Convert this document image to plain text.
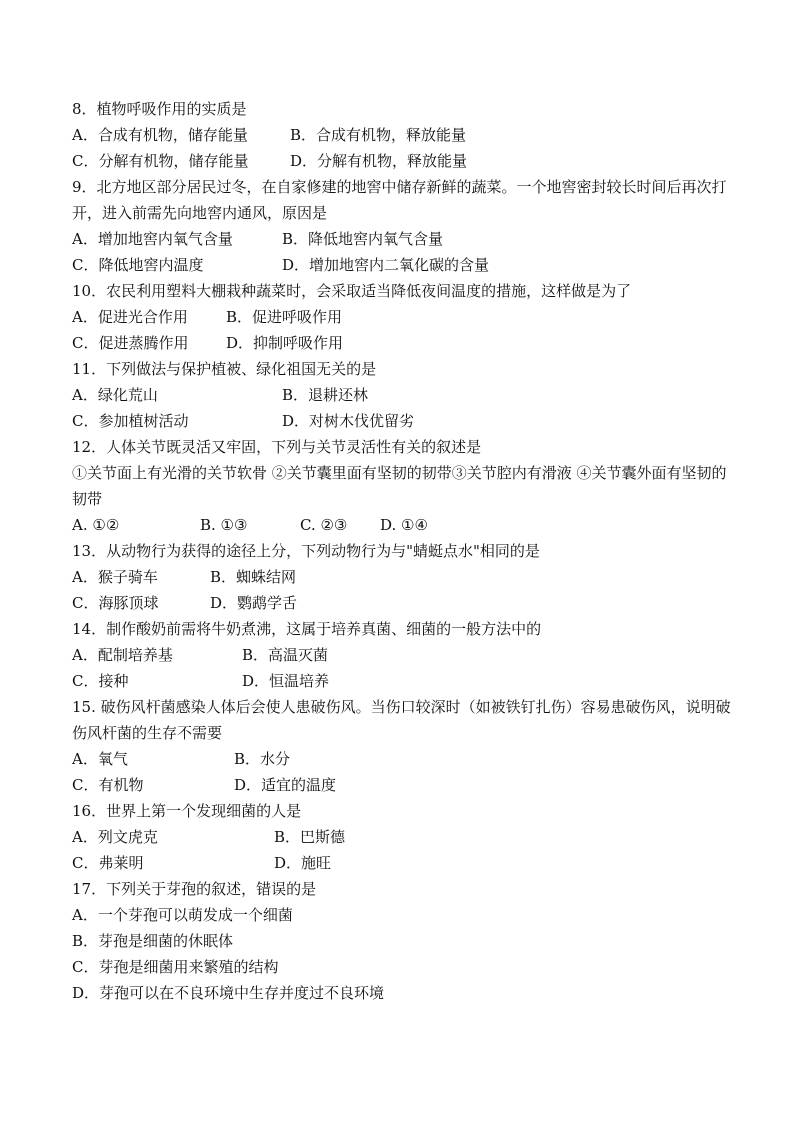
8．植物呼吸作用的实质是
A．合成有机物，储存能量	B．合成有机物，释放能量
C．分解有机物，储存能量	D．分解有机物，释放能量
9．北方地区部分居民过冬，在自家修建的地窖中储存新鲜的蔬菜。一个地窖密封较长时间后再次打开，进入前需先向地窖内通风，原因是
A．增加地窖内氧气含量	B．降低地窖内氧气含量
C．降低地窖内温度	D．增加地窖内二氧化碳的含量
10．农民利用塑料大棚栽种蔬菜时，会采取适当降低夜间温度的措施，这样做是为了
A．促进光合作用	B．促进呼吸作用
C．促进蒸腾作用	D．抑制呼吸作用
11．下列做法与保护植被、绿化祖国无关的是
A．绿化荒山	B．退耕还林
C．参加植树活动	D．对树木伐优留劣
12．人体关节既灵活又牢固，下列与关节灵活性有关的叙述是
①关节面上有光滑的关节软骨 ②关节囊里面有坚韧的韧带③关节腔内有滑液 ④关节囊外面有坚韧的韧带
A. ①②	B. ①③	C. ②③ D. ①④
13．从动物行为获得的途径上分，下列动物行为与"蜻蜓点水"相同的是
A．猴子骑车	B．蜘蛛结网
C．海豚顶球	D．鹦鹉学舌
14．制作酸奶前需将牛奶煮沸，这属于培养真菌、细菌的一般方法中的
A．配制培养基	B．高温灭菌
C．接种	D．恒温培养
15. 破伤风杆菌感染人体后会使人患破伤风。当伤口较深时（如被铁钉扎伤）容易患破伤风，说明破伤风杆菌的生存不需要
A．氧气	B．水分
C．有机物	D．适宜的温度
16．世界上第一个发现细菌的人是
A．列文虎克	B．巴斯德
C．弗莱明	D．施旺
17．下列关于芽孢的叙述，错误的是
A．一个芽孢可以萌发成一个细菌
B．芽孢是细菌的休眠体
C．芽孢是细菌用来繁殖的结构
D．芽孢可以在不良环境中生存并度过不良环境
